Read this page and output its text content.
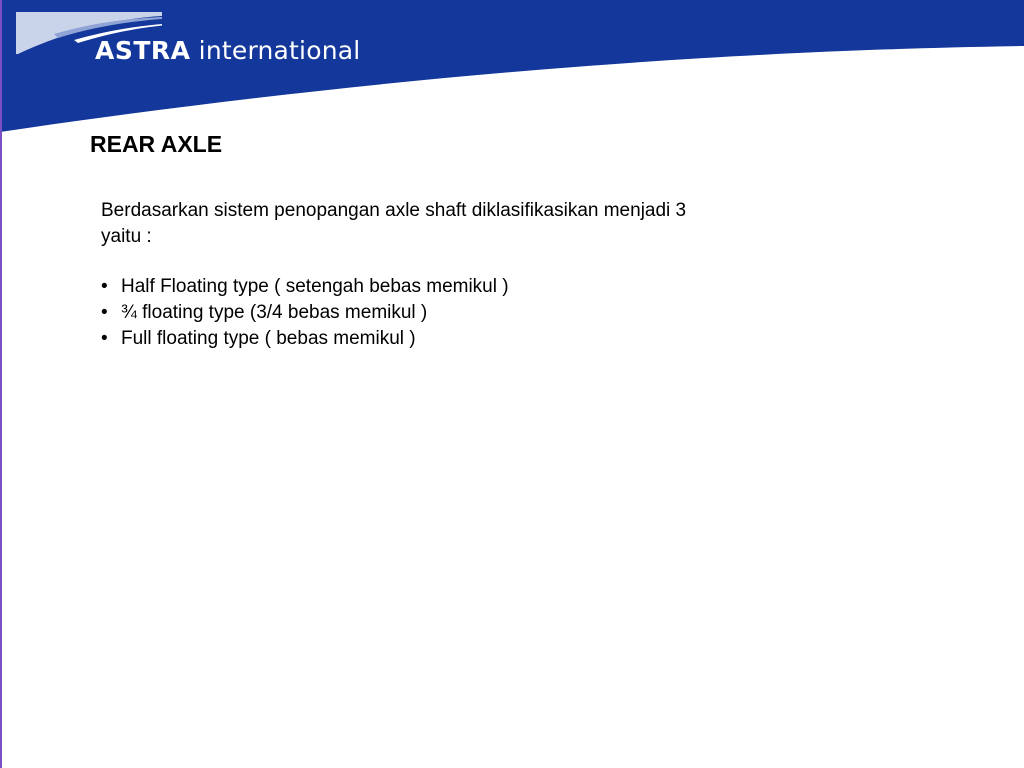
ASTRA international
REAR AXLE

Berdasarkan sistem penopangan axle shaft diklasifikasikan menjadi 3 yaitu :

• Half Floating type ( setengah bebas memikul )
• ¾ floating type (3/4 bebas memikul )
• Full floating type ( bebas memikul )
